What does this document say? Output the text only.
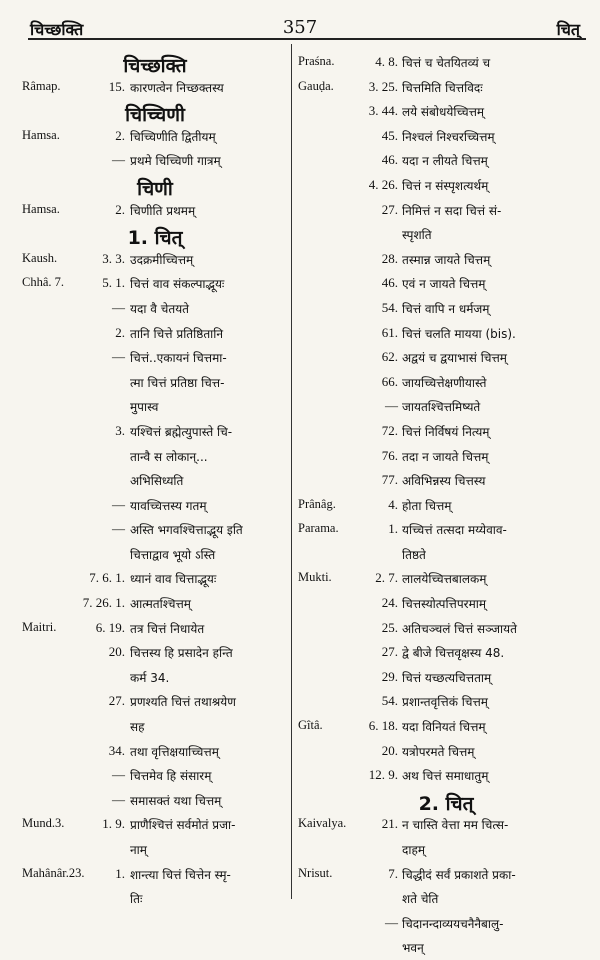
चिच्छक्ति	357	चित्
चिच्छक्ति
Râmap.	15. कारणत्वेन निच्छक्तस्य
चिच्चिणी
Hamsa.	2. चिच्चिणीति द्वितीयम्
— प्रथमे चिच्चिणी गात्रम्
चिणी
Hamsa.	2. चिणीति प्रथमम्
1. चित्
Kaush.	3. 3. उदक्रमीच्चित्तम्
Chhâ. 7.	5. 1. चित्तं वाव संकल्पाद्भूयः
— यदा वै चेतयते
2. तानि चित्ते प्रतिष्ठितानि
— चित्तं..एकायनं चित्तमा-
त्मा चित्तं प्रतिष्ठा चित्त-
मुपास्व
3. यश्चित्तं ब्रह्मेत्युपास्ते चि-
तान्वै स लोकान्...
अभिसिध्यति
— यावच्चित्तस्य गतम्
— अस्ति भगवश्चित्ताद्भूय इति
चित्ताद्वाव भूयो ऽस्ति
7. 6. 1. ध्यानं वाव चित्ताद्भूयः
7. 26. 1. आत्मतश्चित्तम्
Maitri.	6. 19. तत्र चित्तं निधायेत
20. चित्तस्य हि प्रसादेन हन्ति
कर्म 34.
27. प्रणश्यति चित्तं तथाश्रयेण
सह
34. तथा वृत्तिक्षयाच्चित्तम्
— चित्तमेव हि संसारम्
— समासक्तं यथा चित्तम्
Mund.3.	1. 9. प्राणैश्चित्तं सर्वमोतं प्रजा-
नाम्
Mahânâr.23. 1. शान्त्या चित्तं चित्तेन स्मृ-
तिः
Praśna.	4. 8. चित्तं च चेतयितव्यं च
Gauḍa.	3. 25. चित्तमिति चित्तविदः
3. 44. लये संबोधयेच्चित्तम्
45. निश्चलं निश्चरच्चित्तम्
46. यदा न लीयते चित्तम्
4. 26. चित्तं न संस्पृशत्यर्थम्
27. निमित्तं न सदा चित्तं सं-
स्पृशति
28. तस्मान्न जायते चित्तम्
46. एवं न जायते चित्तम्
54. चित्तं वापि न धर्मजम्
61. चित्तं चलति मायया (bis).
62. अद्वयं च द्वयाभासं चित्तम्
66. जायच्चित्तेक्षणीयास्ते
— जायतश्चित्तमिष्यते
72. चित्तं निर्विषयं नित्यम्
76. तदा न जायते चित्तम्
77. अविभिन्नस्य चित्तस्य
Prânâg.	4. होता चित्तम्
Parama.	1. यच्चित्तं तत्सदा मय्येवाव-
तिष्ठते
Mukti.	2. 7. लालयेच्चित्तबालकम्
24. चित्तस्योत्पत्तिपरमाम्
25. अतिचञ्चलं चित्तं सञ्जायते
27. द्वे बीजे चित्तवृक्षस्य 48.
29. चित्तं यच्छत्यचित्तताम्
54. प्रशान्तवृत्तिकं चित्तम्
Gîtâ.	6. 18. यदा विनियतं चित्तम्
20. यत्रोपरमते चित्तम्
12. 9. अथ चित्तं समाधातुम्
2. चित्
Kaivalya.	21. न चास्ति वेत्ता मम चित्स-
दाहम्
Nrisut.	7. चिद्धीदं सर्वं प्रकाशते प्रका-
शते चेति
— चिदानन्दाव्ययचनैनैबालु-
भवन्
